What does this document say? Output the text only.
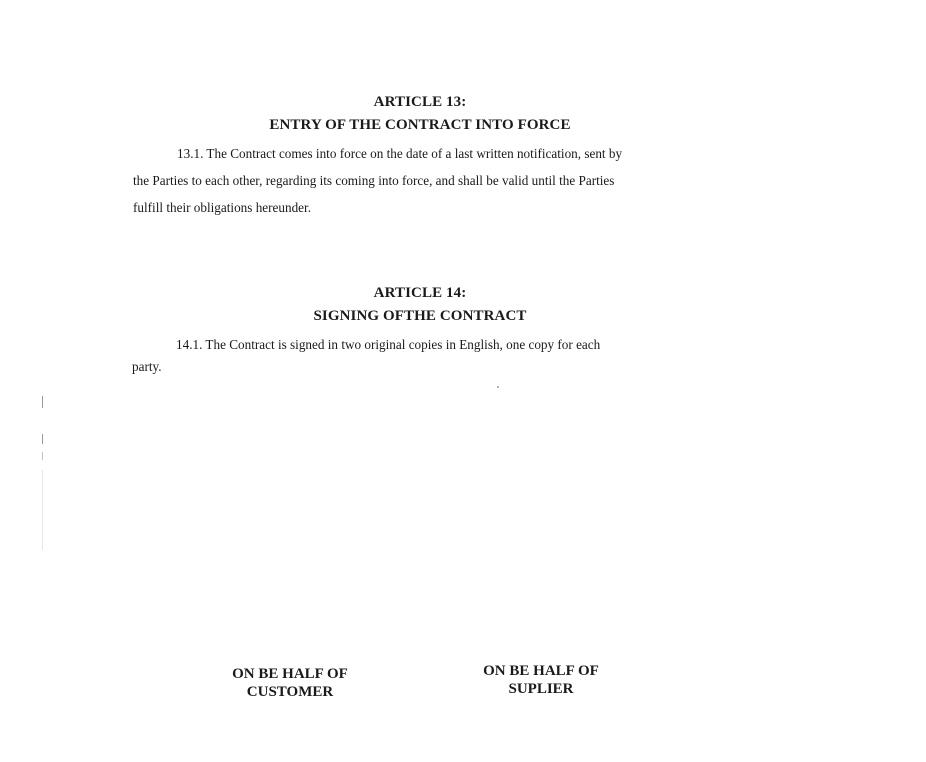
ARTICLE 13:
ENTRY OF THE CONTRACT INTO FORCE
13.1. The Contract comes into force on the date of a last written notification, sent by
the Parties to each other, regarding its coming into force, and shall be valid until the Parties
fulfill their obligations hereunder.
ARTICLE 14:
SIGNING OFTHE CONTRACT
14.1. The Contract is signed in two original copies in English, one copy for each
party.
ON BE HALF OF
CUSTOMER
ON BE HALF OF
SUPLIER
